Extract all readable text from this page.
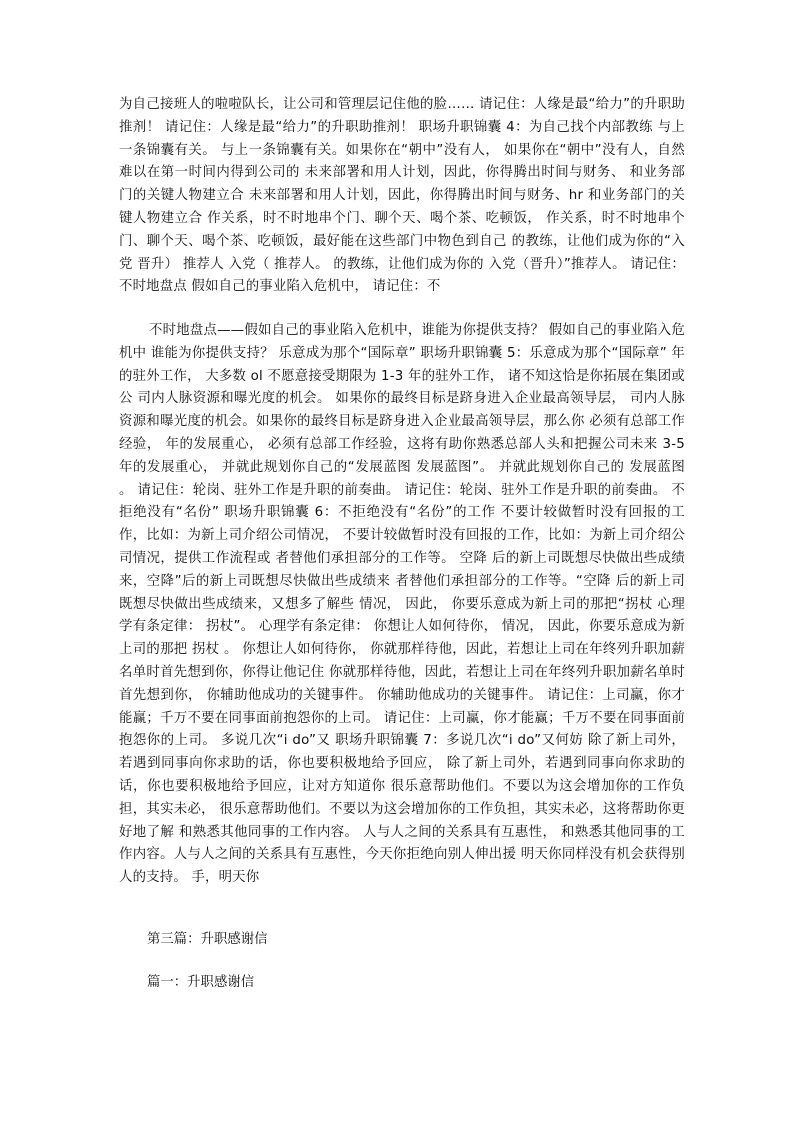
为自己接班人的啦啦队长，让公司和管理层记住他的脸…… 请记住：人缘是最“给力”的升职助推剂！ 请记住：人缘是最“给力”的升职助推剂！ 职场升职锦囊 4：为自己找个内部教练 与上一条锦囊有关。 与上一条锦囊有关。如果你在“朝中”没有人， 如果你在“朝中”没有人，自然难以在第一时间内得到公司的 未来部署和用人计划，因此，你得腾出时间与财务、 和业务部门的关键人物建立合 未来部署和用人计划，因此，你得腾出时间与财务、hr 和业务部门的关键人物建立合 作关系，时不时地串个门、聊个天、喝个茶、吃顿饭， 作关系，时不时地串个门、聊个天、喝个茶、吃顿饭，最好能在这些部门中物色到自己 的教练，让他们成为你的“入党 晋升） 推荐人 入党（ 推荐人。 的教练，让他们成为你的 入党（晋升）”推荐人。 请记住：不时地盘点 假如自己的事业陷入危机中， 请记住：不

不时地盘点——假如自己的事业陷入危机中，谁能为你提供支持？ 假如自己的事业陷入危机中 谁能为你提供支持？ 乐意成为那个“国际章” 职场升职锦囊 5：乐意成为那个“国际章” 年 的驻外工作， 大多数 ol 不愿意接受期限为 1-3 年的驻外工作， 诸不知这恰是你拓展在集团或公 司内人脉资源和曝光度的机会。 如果你的最终目标是跻身进入企业最高领导层， 司内人脉资源和曝光度的机会。如果你的最终目标是跻身进入企业最高领导层，那么你 必须有总部工作经验， 年的发展重心， 必须有总部工作经验，这将有助你熟悉总部人头和把握公司未来 3-5 年的发展重心， 并就此规划你自己的“发展蓝图 发展蓝图”。 并就此规划你自己的 发展蓝图 。 请记住：轮岗、驻外工作是升职的前奏曲。 请记住：轮岗、驻外工作是升职的前奏曲。 不拒绝没有“名份” 职场升职锦囊 6：不拒绝没有“名份”的工作 不要计较做暂时没有回报的工作，比如：为新上司介绍公司情况， 不要计较做暂时没有回报的工作，比如：为新上司介绍公司情况，提供工作流程或 者替他们承担部分的工作等。 空降 后的新上司既想尽快做出些成绩来，空降”后的新上司既想尽快做出些成绩来 者替他们承担部分的工作等。“空降 后的新上司既想尽快做出些成绩来，又想多了解些 情况， 因此， 你要乐意成为新上司的那把“拐杖 心理学有条定律： 拐杖”。 心理学有条定律： 你想让人如何待你， 情况， 因此，你要乐意成为新上司的那把 拐杖 。 你想让人如何待你， 你就那样待他，因此，若想让上司在年终列升职加薪名单时首先想到你，你得让他记住 你就那样待他，因此，若想让上司在年终列升职加薪名单时首先想到你， 你辅助他成功的关键事件。 你辅助他成功的关键事件。 请记住：上司赢，你才能赢；千万不要在同事面前抱怨你的上司。 请记住：上司赢，你才能赢；千万不要在同事面前抱怨你的上司。 多说几次“i do”又 职场升职锦囊 7：多说几次“i do”又何妨 除了新上司外，若遇到同事向你求助的话，你也要积极地给予回应， 除了新上司外，若遇到同事向你求助的话，你也要积极地给予回应，让对方知道你 很乐意帮助他们。不要以为这会增加你的工作负担，其实未必， 很乐意帮助他们。不要以为这会增加你的工作负担，其实未必，这将帮助你更好地了解 和熟悉其他同事的工作内容。 人与人之间的关系具有互惠性， 和熟悉其他同事的工作内容。人与人之间的关系具有互惠性，今天你拒绝向别人伸出援 明天你同样没有机会获得别人的支持。 手，明天你

第三篇：升职感谢信

篇一：升职感谢信
